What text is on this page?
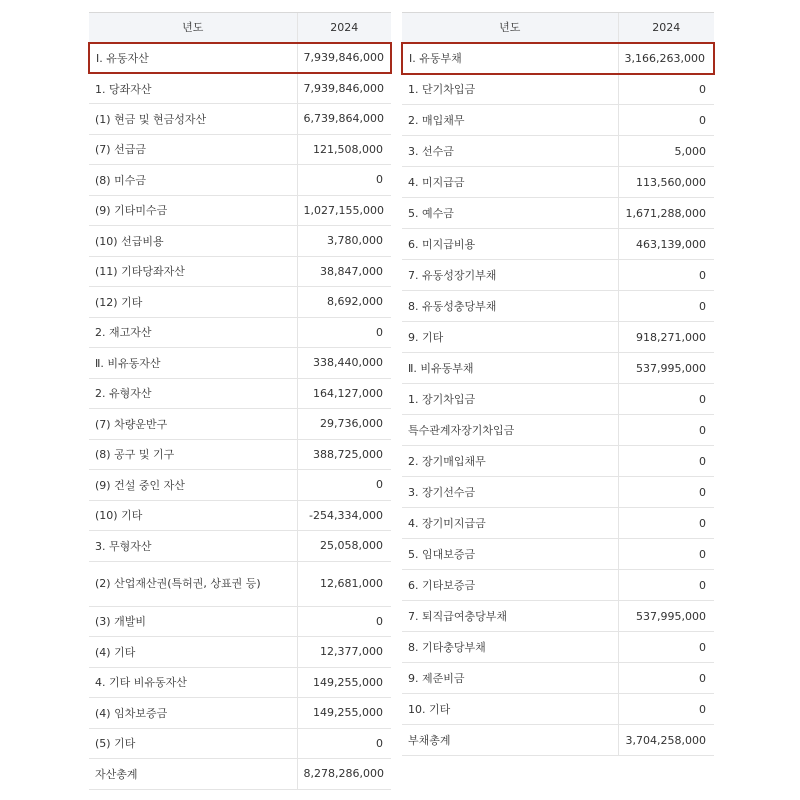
년도	2024
Ⅰ. 유동자산	7,939,846,000
1. 당좌자산	7,939,846,000
(1) 현금 및 현금성자산	6,739,864,000
(7) 선급금	121,508,000
(8) 미수금	0
(9) 기타미수금	1,027,155,000
(10) 선급비용	3,780,000
(11) 기타당좌자산	38,847,000
(12) 기타	8,692,000
2. 재고자산	0
Ⅱ. 비유동자산	338,440,000
2. 유형자산	164,127,000
(7) 차량운반구	29,736,000
(8) 공구 및 기구	388,725,000
(9) 건설 중인 자산	0
(10) 기타	-254,334,000
3. 무형자산	25,058,000
(2) 산업재산권(특허권, 상표권 등)	12,681,000
(3) 개발비	0
(4) 기타	12,377,000
4. 기타 비유동자산	149,255,000
(4) 임차보증금	149,255,000
(5) 기타	0
자산총계	8,278,286,000
년도	2024
Ⅰ. 유동부채	3,166,263,000
1. 단기차입금	0
2. 매입채무	0
3. 선수금	5,000
4. 미지급금	113,560,000
5. 예수금	1,671,288,000
6. 미지급비용	463,139,000
7. 유동성장기부채	0
8. 유동성충당부채	0
9. 기타	918,271,000
Ⅱ. 비유동부채	537,995,000
1. 장기차입금	0
특수관계자장기차입금	0
2. 장기매입채무	0
3. 장기선수금	0
4. 장기미지급금	0
5. 임대보증금	0
6. 기타보증금	0
7. 퇴직급여충당부채	537,995,000
8. 기타충당부채	0
9. 제준비금	0
10. 기타	0
부채총계	3,704,258,000
